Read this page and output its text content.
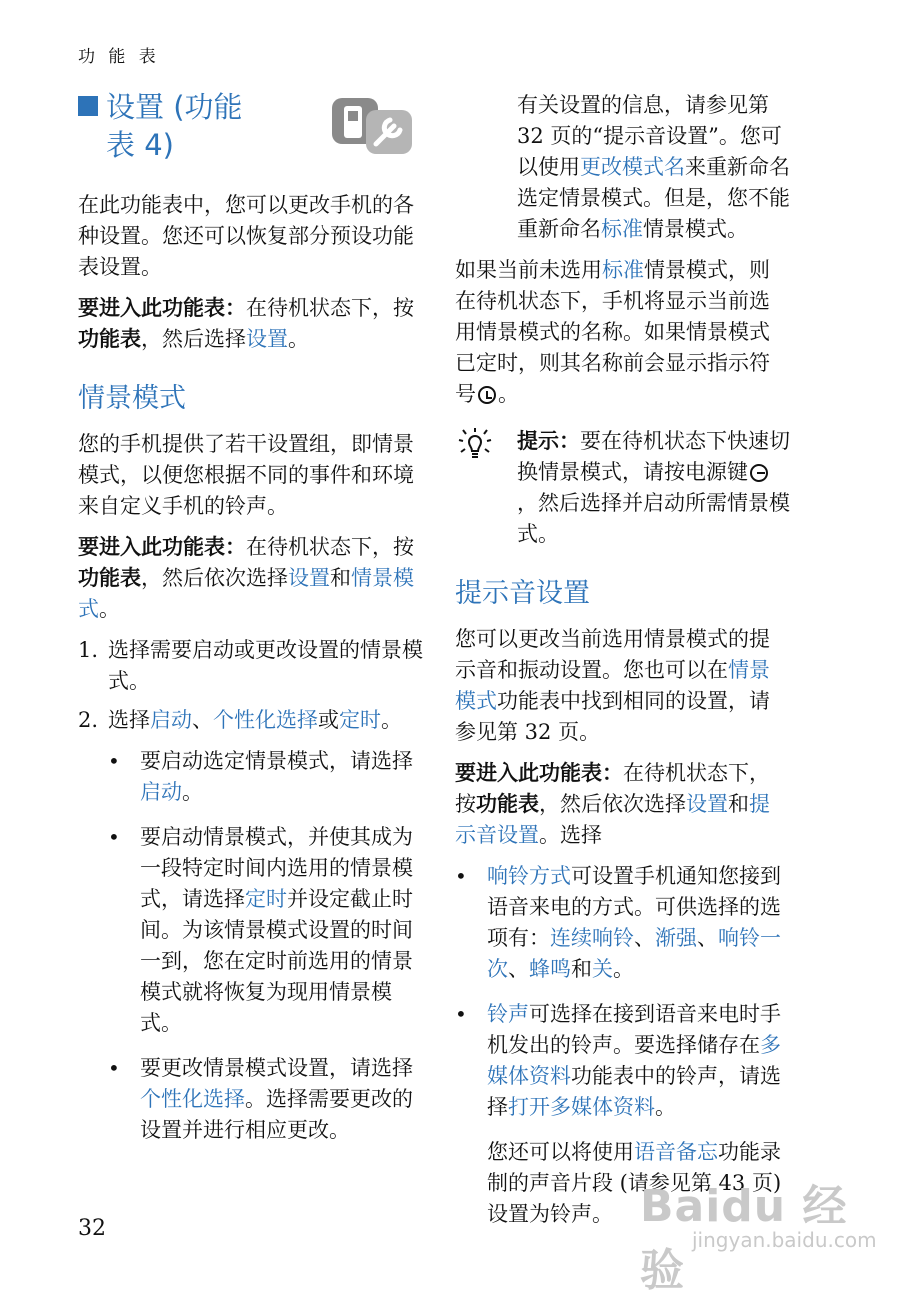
功 能 表
设置 (功能
表 4)

在此功能表中，您可以更改手机的各种设置。您还可以恢复部分预设功能表设置。

要进入此功能表：在待机状态下，按功能表，然后选择设置。

情景模式

您的手机提供了若干设置组，即情景模式，以便您根据不同的事件和环境来自定义手机的铃声。

要进入此功能表：在待机状态下，按功能表，然后依次选择设置和情景模式。

1. 选择需要启动或更改设置的情景模式。
2. 选择启动、个性化选择或定时。
• 要启动选定情景模式，请选择启动。
• 要启动情景模式，并使其成为一段特定时间内选用的情景模式，请选择定时并设定截止时间。为该情景模式设置的时间一到，您在定时前选用的情景模式就将恢复为现用情景模式。
• 要更改情景模式设置，请选择个性化选择。选择需要更改的设置并进行相应更改。

有关设置的信息，请参见第 32 页的“提示音设置”。您可以使用更改模式名来重新命名选定情景模式。但是，您不能重新命名标准情景模式。

如果当前未选用标准情景模式，则在待机状态下，手机将显示当前选用情景模式的名称。如果情景模式已定时，则其名称前会显示指示符号 。

提示：要在待机状态下快速切换情景模式，请按电源键，然后选择并启动所需情景模式。
提示音设置

您可以更改当前选用情景模式的提示音和振动设置。您也可以在情景模式功能表中找到相同的设置，请参见第 32 页。

要进入此功能表：在待机状态下，按功能表，然后依次选择设置和提示音设置。选择

• 响铃方式可设置手机通知您接到语音来电的方式。可供选择的选项有：连续响铃、渐强、响铃一次、蜂鸣和关。
• 铃声可选择在接到语音来电时手机发出的铃声。要选择储存在多媒体资料功能表中的铃声，请选择打开多媒体资料。

您还可以将使用语音备忘功能录制的声音片段 (请参见第 43 页) 设置为铃声。

32	Baidu 经验
jingyan.baidu.com
